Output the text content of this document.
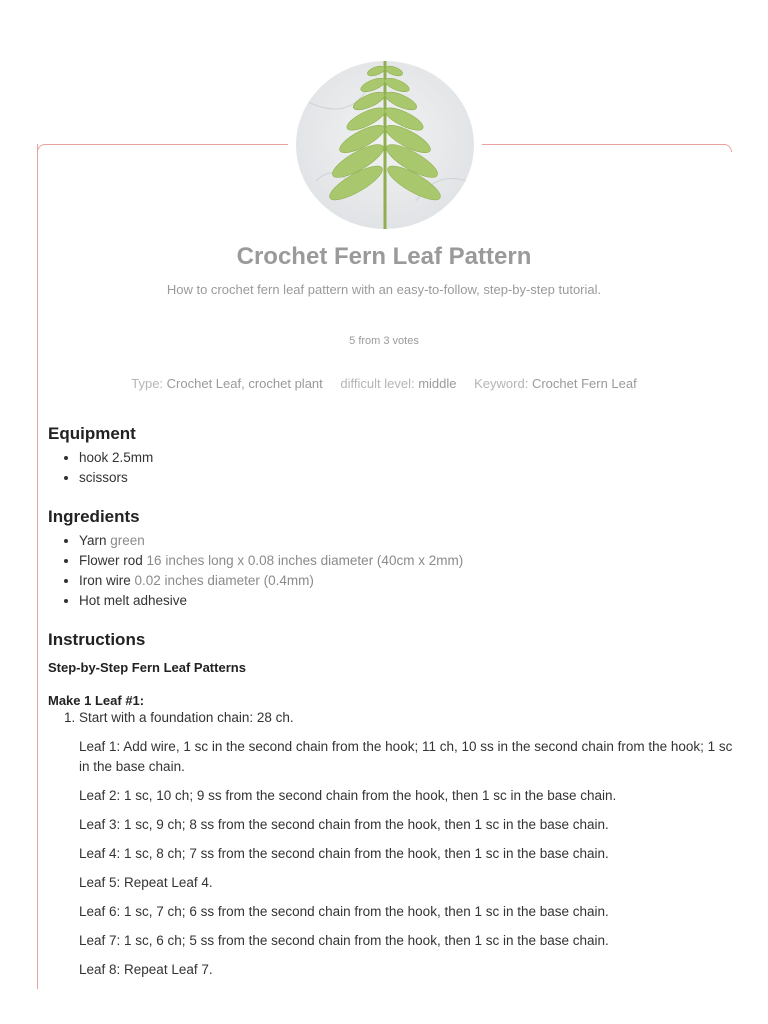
Crochet Fern Leaf Pattern
How to crochet fern leaf pattern with an easy-to-follow, step-by-step tutorial.
5 from 3 votes
Type: Crochet Leaf, crochet plant difficult level: middle Keyword: Crochet Fern Leaf
Equipment
• hook 2.5mm
• scissors
Ingredients
• Yarn green
• Flower rod 16 inches long x 0.08 inches diameter (40cm x 2mm)
• Iron wire 0.02 inches diameter (0.4mm)
• Hot melt adhesive
Instructions
Step-by-Step Fern Leaf Patterns
Make 1 Leaf #1:
1. Start with a foundation chain: 28 ch.

Leaf 1: Add wire, 1 sc in the second chain from the hook; 11 ch, 10 ss in the second chain from the hook; 1 sc in the base chain.

Leaf 2: 1 sc, 10 ch; 9 ss from the second chain from the hook, then 1 sc in the base chain.

Leaf 3: 1 sc, 9 ch; 8 ss from the second chain from the hook, then 1 sc in the base chain.

Leaf 4: 1 sc, 8 ch; 7 ss from the second chain from the hook, then 1 sc in the base chain.

Leaf 5: Repeat Leaf 4.

Leaf 6: 1 sc, 7 ch; 6 ss from the second chain from the hook, then 1 sc in the base chain.

Leaf 7: 1 sc, 6 ch; 5 ss from the second chain from the hook, then 1 sc in the base chain.

Leaf 8: Repeat Leaf 7.
